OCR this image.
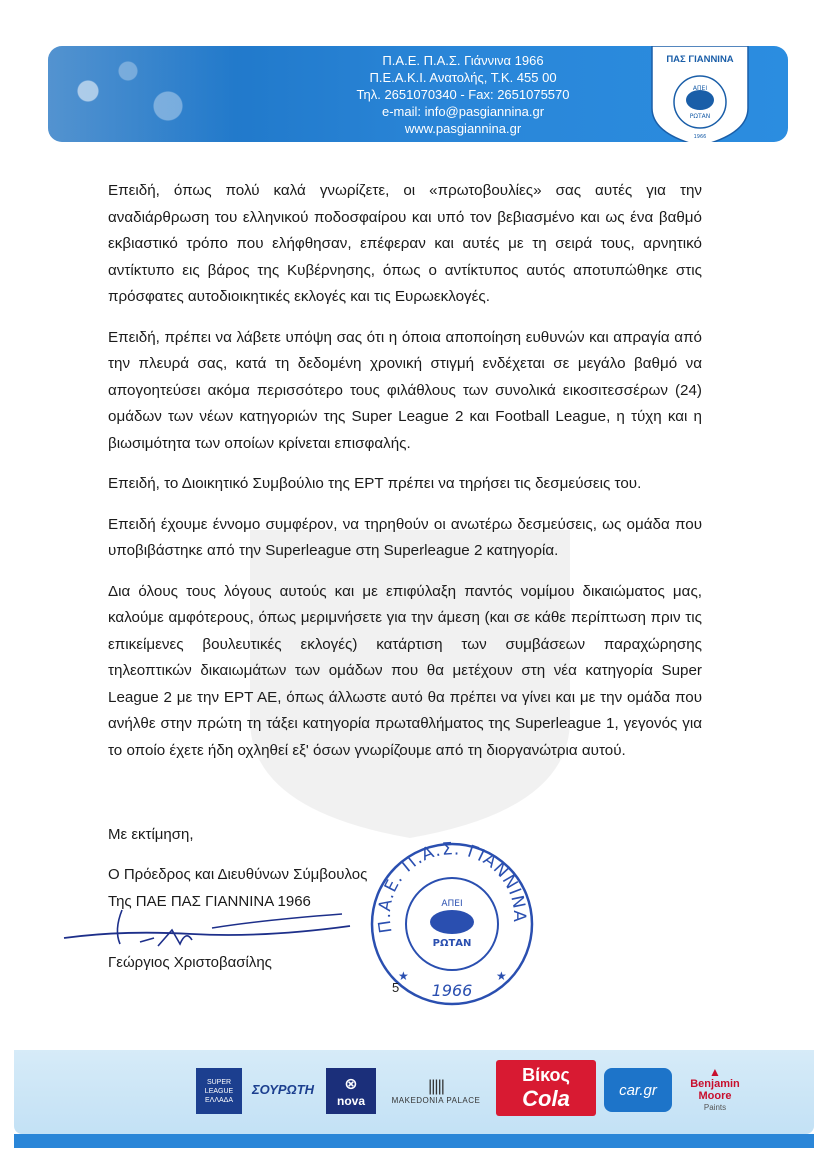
Π.Α.Ε. Π.Α.Σ. Γιάννινα 1966
Π.Ε.Α.Κ.Ι. Ανατολής, Τ.Κ. 455 00
Τηλ. 2651070340 - Fax: 2651075570
e-mail: info@pasgiannina.gr
www.pasgiannina.gr
ΑΠΕΙ
ΡΩΤΑΝ
1966
ΠΑΣ ΓΙΑΝΝΙΝΑ

Επειδή, όπως πολύ καλά γνωρίζετε, οι «πρωτοβουλίες» σας αυτές για την αναδιάρθρωση του ελληνικού ποδοσφαίρου και υπό τον βεβιασμένο και ως ένα βαθμό εκβιαστικό τρόπο που ελήφθησαν, επέφεραν και αυτές με τη σειρά τους, αρνητικό αντίκτυπο εις βάρος της Κυβέρνησης, όπως ο αντίκτυπος αυτός αποτυπώθηκε στις πρόσφατες αυτοδιοικητικές εκλογές και τις Ευρωεκλογές.

Επειδή, πρέπει να λάβετε υπόψη σας ότι η όποια αποποίηση ευθυνών και απραγία από την πλευρά σας, κατά τη δεδομένη χρονική στιγμή ενδέχεται σε μεγάλο βαθμό να απογοητεύσει ακόμα περισσότερο τους φιλάθλους των συνολικά εικοσιτεσσέρων (24) ομάδων των νέων κατηγοριών της Super League 2 και Football League, η τύχη και η βιωσιμότητα των οποίων κρίνεται επισφαλής.

Επειδή, το Διοικητικό Συμβούλιο της ΕΡΤ πρέπει να τηρήσει τις δεσμεύσεις του.

Επειδή έχουμε έννομο συμφέρον, να τηρηθούν οι ανωτέρω δεσμεύσεις, ως ομάδα που υποβιβάστηκε από την Superleague στη Superleague 2 κατηγορία.

Δια όλους τους λόγους αυτούς και με επιφύλαξη παντός νομίμου δικαιώματος μας, καλούμε αμφότερους, όπως μεριμνήσετε για την άμεση (και σε κάθε περίπτωση πριν τις επικείμενες βουλευτικές εκλογές) κατάρτιση των συμβάσεων παραχώρησης τηλεοπτικών δικαιωμάτων των ομάδων που θα μετέχουν στη νέα κατηγορία Super League 2 με την ΕΡΤ ΑΕ, όπως άλλωστε αυτό θα πρέπει να γίνει και με την ομάδα που ανήλθε στην πρώτη τη τάξει κατηγορία πρωταθλήματος της Superleague 1, γεγονός για το οποίο έχετε ήδη οχληθεί εξ' όσων γνωρίζουμε από τη διοργανώτρια αυτού.

Με εκτίμηση,
Ο Πρόεδρος και Διευθύνων Σύμβουλος
Της ΠΑΕ ΠΑΣ ΓΙΑΝΝΙΝΑ 1966
Γεώργιος Χριστοβασίλης
Π.Α.Ε. Π.Α.Σ. ΓΙΑΝΝΙΝΑ
ΑΠΕΙ
ΡΩΤΑΝ
1966
★	★
5
SUPER
LEAGUE
ΕΛΛΑΔΑ
ΣΟΥΡΩΤΗ ⊗
nova
|||||
MAKEDONIA PALACE
Βίκος
Cola	car.gr
▲
Benjamin
Moore
Paints
